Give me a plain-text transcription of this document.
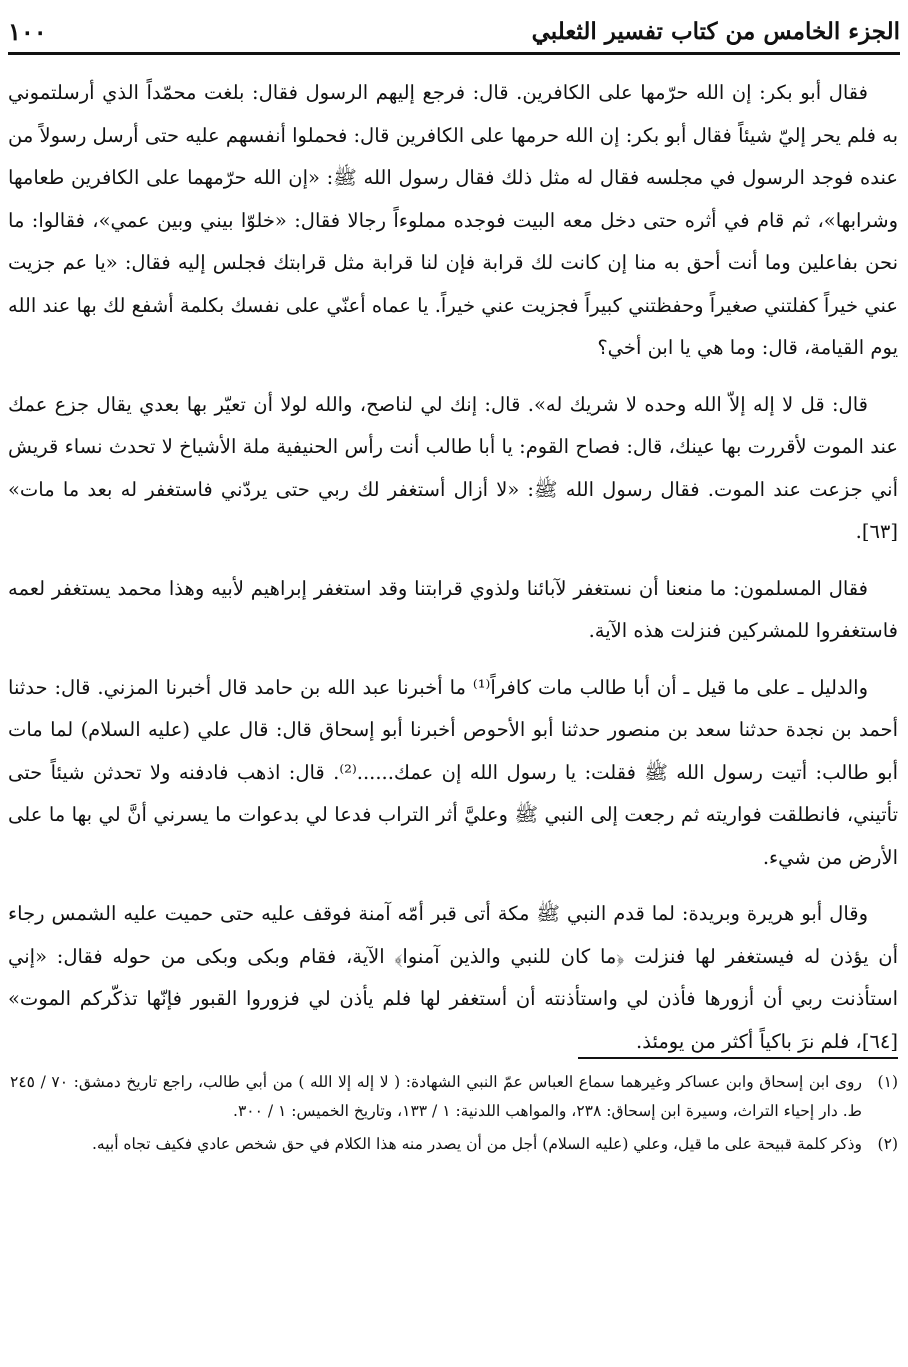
الجزء الخامس من كتاب تفسير الثعلبي
١٠٠

فقال أبو بكر: إن الله حرّمها على الكافرين. قال: فرجع إليهم الرسول فقال: بلغت محمّداً الذي أرسلتموني به فلم يحر إليّ شيئاً فقال أبو بكر: إن الله حرمها على الكافرين قال: فحملوا أنفسهم عليه حتى أرسل رسولاً من عنده فوجد الرسول في مجلسه فقال له مثل ذلك فقال رسول الله ﷺ: «إن الله حرّمهما على الكافرين طعامها وشرابها»، ثم قام في أثره حتى دخل معه البيت فوجده مملوءاً رجالا فقال: «خلوّا بيني وبين عمي»، فقالوا: ما نحن بفاعلين وما أنت أحق به منا إن كانت لك قرابة فإن لنا قرابة مثل قرابتك فجلس إليه فقال: «يا عم جزيت عني خيراً كفلتني صغيراً وحفظتني كبيراً فجزيت عني خيراً. يا عماه أعنّي على نفسك بكلمة أشفع لك بها عند الله يوم القيامة، قال: وما هي يا ابن أخي؟

قال: قل لا إله إلاّ الله وحده لا شريك له». قال: إنك لي لناصح، والله لولا أن تعيّر بها بعدي يقال جزع عمك عند الموت لأقررت بها عينك، قال: فصاح القوم: يا أبا طالب أنت رأس الحنيفية ملة الأشياخ لا تحدث نساء قريش أني جزعت عند الموت. فقال رسول الله ﷺ: «لا أزال أستغفر لك ربي حتى يردّني فاستغفر له بعد ما مات» [٦٣].

فقال المسلمون: ما منعنا أن نستغفر لآبائنا ولذوي قرابتنا وقد استغفر إبراهيم لأبيه وهذا محمد يستغفر لعمه فاستغفروا للمشركين فنزلت هذه الآية.

والدليل ـ على ما قيل ـ أن أبا طالب مات كافراً⁽¹⁾ ما أخبرنا عبد الله بن حامد قال أخبرنا المزني. قال: حدثنا أحمد بن نجدة حدثنا سعد بن منصور حدثنا أبو الأحوص أخبرنا أبو إسحاق قال: قال علي (عليه السلام) لما مات أبو طالب: أتيت رسول الله ﷺ فقلت: يا رسول الله إن عمك......⁽²⁾. قال: اذهب فادفنه ولا تحدثن شيئاً حتى تأتيني، فانطلقت فواريته ثم رجعت إلى النبي ﷺ وعليَّ أثر التراب فدعا لي بدعوات ما يسرني أنَّ لي بها ما على الأرض من شيء.

وقال أبو هريرة وبريدة: لما قدم النبي ﷺ مكة أتى قبر أمّه آمنة فوقف عليه حتى حميت عليه الشمس رجاء أن يؤذن له فيستغفر لها فنزلت ﴿ما كان للنبي والذين آمنوا﴾ الآية، فقام وبكى وبكى من حوله فقال: «إني استأذنت ربي أن أزورها فأذن لي واستأذنته أن أستغفر لها فلم يأذن لي فزوروا القبور فإنّها تذكّركم الموت» [٦٤]، فلم نرَ باكياً أكثر من يومئذ.

(١)
روى ابن إسحاق وابن عساكر وغيرهما سماع العباس عمّ النبي الشهادة: ( لا إله إلا الله ) من أبي طالب، راجع تاريخ دمشق: ٧٠ / ٢٤٥ ط. دار إحياء التراث، وسيرة ابن إسحاق: ٢٣٨، والمواهب اللدنية: ١ / ١٣٣، وتاريخ الخميس: ١ / ٣٠٠.
(٢)
وذكر كلمة قبيحة على ما قيل، وعلي (عليه السلام) أجل من أن يصدر منه هذا الكلام في حق شخص عادي فكيف تجاه أبيه.
